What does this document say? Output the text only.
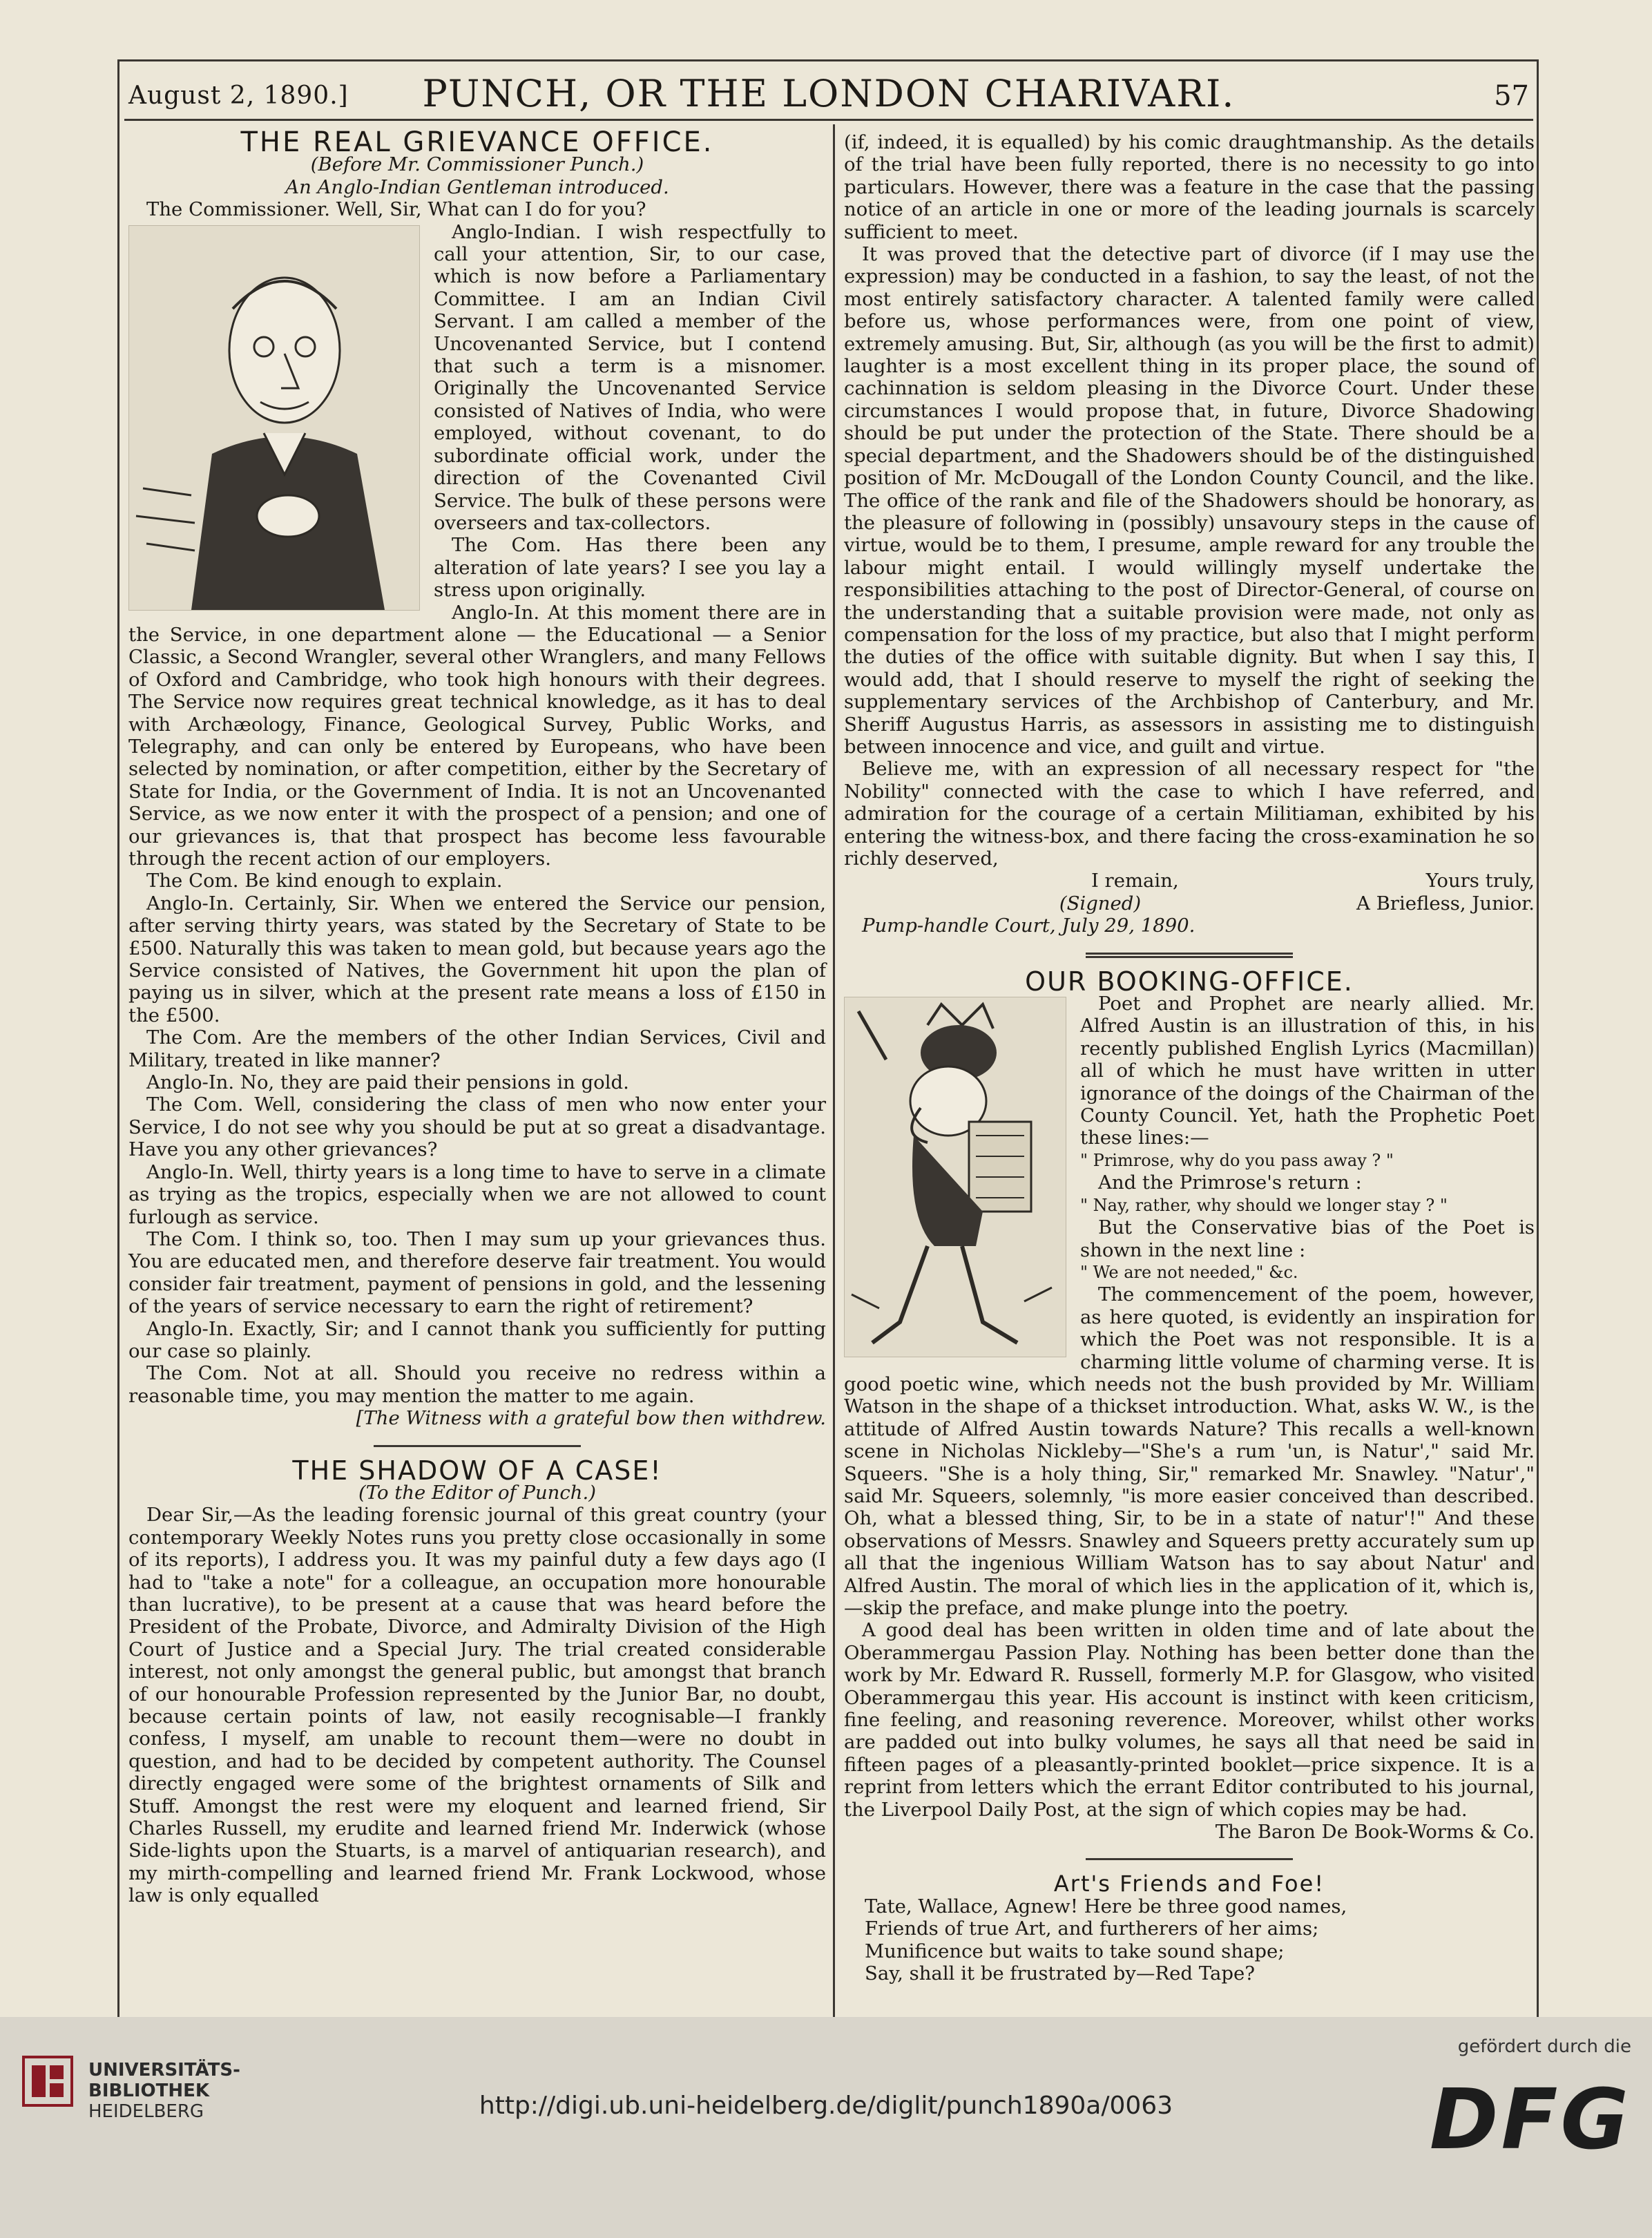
August 2, 1890.]	PUNCH, OR THE LONDON CHARIVARI.	57
THE REAL GRIEVANCE OFFICE.

(Before Mr. Commissioner Punch.)

An Anglo-Indian Gentleman introduced.

The Commissioner. Well, Sir, What can I do for you?

Anglo-Indian. I wish respectfully to call your attention, Sir, to our case, which is now before a Parliamentary Committee. I am an Indian Civil Servant. I am called a member of the Uncovenanted Service, but I contend that such a term is a misnomer. Originally the Uncovenanted Service consisted of Natives of India, who were employed, without covenant, to do subordinate official work, under the direction of the Covenanted Civil Service. The bulk of these persons were overseers and tax-collectors.

The Com. Has there been any alteration of late years? I see you lay a stress upon originally.

Anglo-In. At this moment there are in the Service, in one department alone — the Educational — a Senior Classic, a Second Wrangler, several other Wranglers, and many Fellows of Oxford and Cambridge, who took high honours with their degrees. The Service now requires great technical knowledge, as it has to deal with Archæology, Finance, Geological Survey, Public Works, and Telegraphy, and can only be entered by Europeans, who have been selected by nomination, or after competition, either by the Secretary of State for India, or the Government of India. It is not an Uncovenanted Service, as we now enter it with the prospect of a pension; and one of our grievances is, that that prospect has become less favourable through the recent action of our employers.

The Com. Be kind enough to explain.

Anglo-In. Certainly, Sir. When we entered the Service our pension, after serving thirty years, was stated by the Secretary of State to be £500. Naturally this was taken to mean gold, but because years ago the Service consisted of Natives, the Government hit upon the plan of paying us in silver, which at the present rate means a loss of £150 in the £500.

The Com. Are the members of the other Indian Services, Civil and Military, treated in like manner?

Anglo-In. No, they are paid their pensions in gold.

The Com. Well, considering the class of men who now enter your Service, I do not see why you should be put at so great a disadvantage. Have you any other grievances?

Anglo-In. Well, thirty years is a long time to have to serve in a climate as trying as the tropics, especially when we are not allowed to count furlough as service.

The Com. I think so, too. Then I may sum up your grievances thus. You are educated men, and therefore deserve fair treatment. You would consider fair treatment, payment of pensions in gold, and the lessening of the years of service necessary to earn the right of retirement?

Anglo-In. Exactly, Sir; and I cannot thank you sufficiently for putting our case so plainly.

The Com. Not at all. Should you receive no redress within a reasonable time, you may mention the matter to me again.

[The Witness with a grateful bow then withdrew.

THE SHADOW OF A CASE!

(To the Editor of Punch.)

Dear Sir,—As the leading forensic journal of this great country (your contemporary Weekly Notes runs you pretty close occasionally in some of its reports), I address you. It was my painful duty a few days ago (I had to "take a note" for a colleague, an occupation more honourable than lucrative), to be present at a cause that was heard before the President of the Probate, Divorce, and Admiralty Division of the High Court of Justice and a Special Jury. The trial created considerable interest, not only amongst the general public, but amongst that branch of our honourable Profession represented by the Junior Bar, no doubt, because certain points of law, not easily recognisable—I frankly confess, I myself, am unable to recount them—were no doubt in question, and had to be decided by competent authority. The Counsel directly engaged were some of the brightest ornaments of Silk and Stuff. Amongst the rest were my eloquent and learned friend, Sir Charles Russell, my erudite and learned friend Mr. Inderwick (whose Side-lights upon the Stuarts, is a marvel of antiquarian research), and my mirth-compelling and learned friend Mr. Frank Lockwood, whose law is only equalled

(if, indeed, it is equalled) by his comic draughtmanship. As the details of the trial have been fully reported, there is no necessity to go into particulars. However, there was a feature in the case that the passing notice of an article in one or more of the leading journals is scarcely sufficient to meet.

It was proved that the detective part of divorce (if I may use the expression) may be conducted in a fashion, to say the least, of not the most entirely satisfactory character. A talented family were called before us, whose performances were, from one point of view, extremely amusing. But, Sir, although (as you will be the first to admit) laughter is a most excellent thing in its proper place, the sound of cachinnation is seldom pleasing in the Divorce Court. Under these circumstances I would propose that, in future, Divorce Shadowing should be put under the protection of the State. There should be a special department, and the Shadowers should be of the distinguished position of Mr. McDougall of the London County Council, and the like. The office of the rank and file of the Shadowers should be honorary, as the pleasure of following in (possibly) unsavoury steps in the cause of virtue, would be to them, I presume, ample reward for any trouble the labour might entail. I would willingly myself undertake the responsibilities attaching to the post of Director-General, of course on the understanding that a suitable provision were made, not only as compensation for the loss of my practice, but also that I might perform the duties of the office with suitable dignity. But when I say this, I would add, that I should reserve to myself the right of seeking the supplementary services of the Archbishop of Canterbury, and Mr. Sheriff Augustus Harris, as assessors in assisting me to distinguish between innocence and vice, and guilt and virtue.

Believe me, with an expression of all necessary respect for "the Nobility" connected with the case to which I have referred, and admiration for the courage of a certain Militiaman, exhibited by his entering the witness-box, and there facing the cross-examination he so richly deserved,

I remain,	Yours truly,

(Signed)	A Briefless, Junior.

Pump-handle Court, July 29, 1890.

OUR BOOKING-OFFICE.

Poet and Prophet are nearly allied. Mr. Alfred Austin is an illustration of this, in his recently published English Lyrics (Macmillan) all of which he must have written in utter ignorance of the doings of the Chairman of the County Council. Yet, hath the Prophetic Poet these lines:—

" Primrose, why do you pass away ? "

And the Primrose's return :

" Nay, rather, why should we longer stay ? "

But the Conservative bias of the Poet is shown in the next line :

" We are not needed," &c.

The commencement of the poem, however, as here quoted, is evidently an inspiration for which the Poet was not responsible. It is a charming little volume of charming verse. It is good poetic wine, which needs not the bush provided by Mr. William Watson in the shape of a thickset introduction. What, asks W. W., is the attitude of Alfred Austin towards Nature? This recalls a well-known scene in Nicholas Nickleby—"She's a rum 'un, is Natur'," said Mr. Squeers. "She is a holy thing, Sir," remarked Mr. Snawley. "Natur'," said Mr. Squeers, solemnly, "is more easier conceived than described. Oh, what a blessed thing, Sir, to be in a state of natur'!" And these observations of Messrs. Snawley and Squeers pretty accurately sum up all that the ingenious William Watson has to say about Natur' and Alfred Austin. The moral of which lies in the application of it, which is,—skip the preface, and make plunge into the poetry.

A good deal has been written in olden time and of late about the Oberammergau Passion Play. Nothing has been better done than the work by Mr. Edward R. Russell, formerly M.P. for Glasgow, who visited Oberammergau this year. His account is instinct with keen criticism, fine feeling, and reasoning reverence. Moreover, whilst other works are padded out into bulky volumes, he says all that need be said in fifteen pages of a pleasantly-printed booklet—price sixpence. It is a reprint from letters which the errant Editor contributed to his journal, the Liverpool Daily Post, at the sign of which copies may be had.

The Baron De Book-Worms & Co.

Art's Friends and Foe!

Tate, Wallace, Agnew! Here be three good names,

Friends of true Art, and furtherers of her aims;

Munificence but waits to take sound shape;

Say, shall it be frustrated by—Red Tape?

UNIVERSITÄTS-
BIBLIOTHEK
HEIDELBERG	http://digi.ub.uni-heidelberg.de/diglit/punch1890a/0063
gefördert durch die
DFG
